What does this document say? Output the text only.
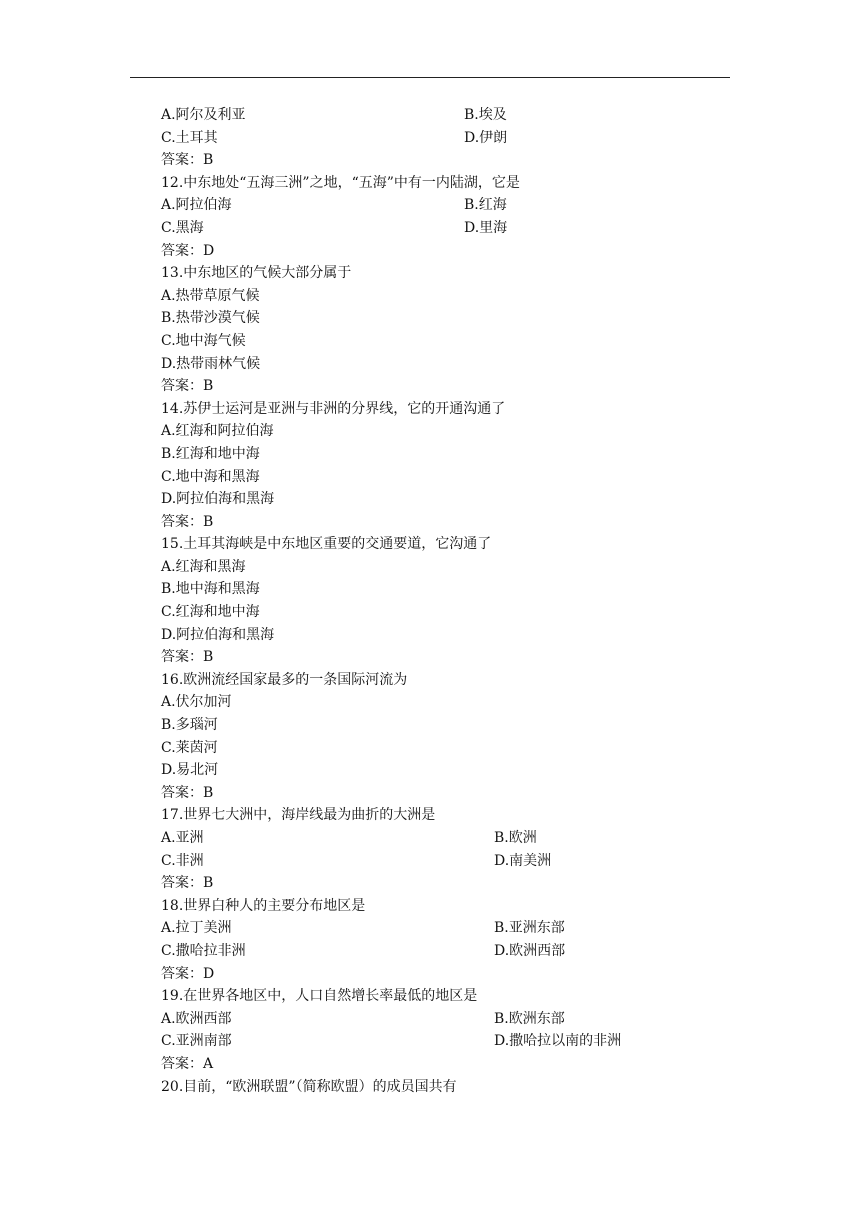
A.阿尔及利亚	B.埃及
C.土耳其	D.伊朗
答案：B
12.中东地处“五海三洲”之地，“五海”中有一内陆湖，它是
A.阿拉伯海	B.红海
C.黑海	D.里海
答案：D
13.中东地区的气候大部分属于
A.热带草原气候
B.热带沙漠气候
C.地中海气候
D.热带雨林气候
答案：B
14.苏伊士运河是亚洲与非洲的分界线，它的开通沟通了
A.红海和阿拉伯海
B.红海和地中海
C.地中海和黑海
D.阿拉伯海和黑海
答案：B
15.土耳其海峡是中东地区重要的交通要道，它沟通了
A.红海和黑海
B.地中海和黑海
C.红海和地中海
D.阿拉伯海和黑海
答案：B
16.欧洲流经国家最多的一条国际河流为
A.伏尔加河
B.多瑙河
C.莱茵河
D.易北河
答案：B
17.世界七大洲中，海岸线最为曲折的大洲是
A.亚洲	B.欧洲
C.非洲	D.南美洲
答案：B
18.世界白种人的主要分布地区是
A.拉丁美洲	B.亚洲东部
C.撒哈拉非洲	D.欧洲西部
答案：D
19.在世界各地区中，人口自然增长率最低的地区是
A.欧洲西部	B.欧洲东部
C.亚洲南部	D.撒哈拉以南的非洲
答案：A
20.目前，“欧洲联盟”（简称欧盟）的成员国共有
